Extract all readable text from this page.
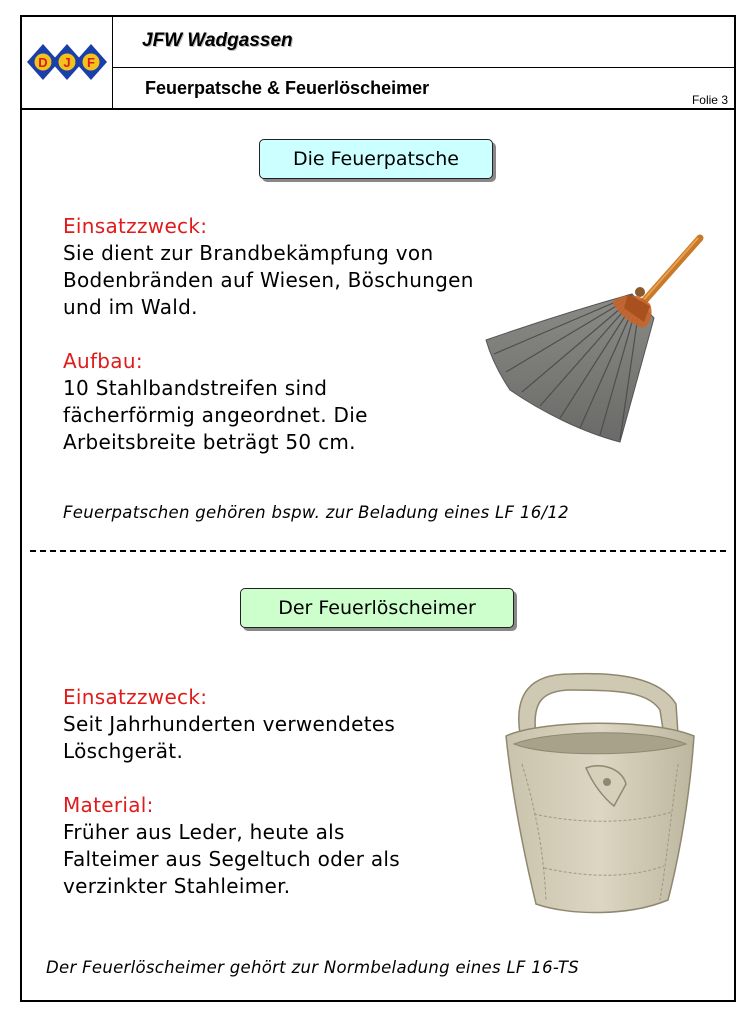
D J F
JFW Wadgassen
Feuerpatsche & Feuerlöscheimer
Folie 3
Die Feuerpatsche
Einsatzzweck:
Sie dient zur Brandbekämpfung von
Bodenbränden auf Wiesen, Böschungen
und im Wald.
Aufbau:
10 Stahlbandstreifen sind
fächerförmig angeordnet. Die
Arbeitsbreite beträgt 50 cm.
Feuerpatschen gehören bspw. zur Beladung eines LF 16/12
Der Feuerlöscheimer
Einsatzzweck:
Seit Jahrhunderten verwendetes
Löschgerät.
Material:
Früher aus Leder, heute als
Falteimer aus Segeltuch oder als
verzinkter Stahleimer.
Der Feuerlöscheimer gehört zur Normbeladung eines LF 16-TS
